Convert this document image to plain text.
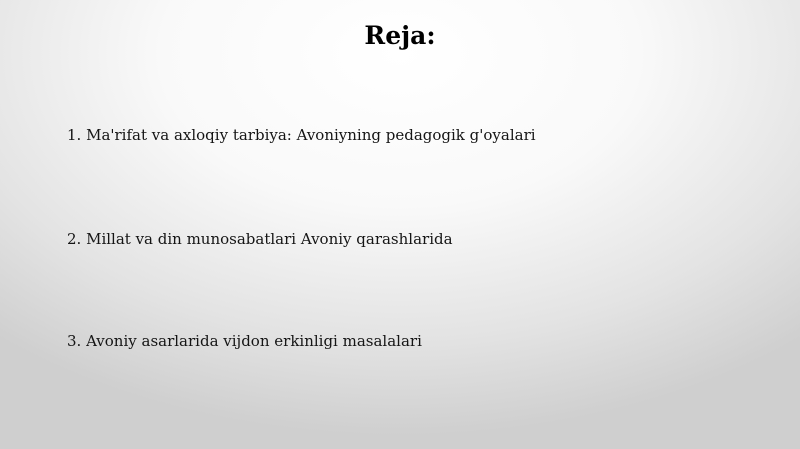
Reja:
1. Ma'rifat va axloqiy tarbiya: Avoniyning pedagogik g'oyalari
2. Millat va din munosabatlari Avoniy qarashlarida
3. Avoniy asarlarida vijdon erkinligi masalalari
